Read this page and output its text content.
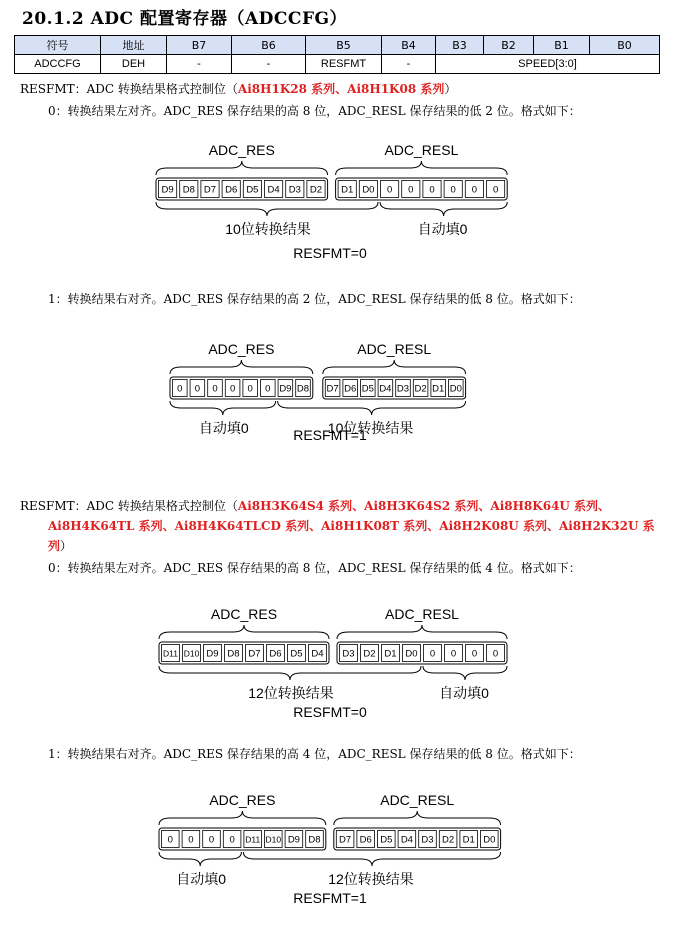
20.1.2 ADC 配置寄存器（ADCCFG）
符号	地址	B7	B6	B5	B4	B3	B2	B1	B0
ADCCFG	DEH	-	-	RESFMT	-	SPEED[3:0]			
RESFMT：ADC 转换结果格式控制位（Ai8H1K28 系列、Ai8H1K08 系列）
0：转换结果左对齐。ADC_RES 保存结果的高 8 位，ADC_RESL 保存结果的低 2 位。格式如下：
ADC_RES	ADC_RESL
D9 D8 D7 D6 D5 D4 D3 D2 D1 D0 0 0 0 0 0 0
10位转换结果	自动填0
RESFMT=0
1：转换结果右对齐。ADC_RES 保存结果的高 2 位，ADC_RESL 保存结果的低 8 位。格式如下：
ADC_RES	ADC_RESL
0 0 0 0 0 0 D9 D8 D7 D6 D5 D4 D3 D2 D1 D0
自动填0	10位转换结果
RESFMT=1
RESFMT：ADC 转换结果格式控制位（Ai8H3K64S4 系列、Ai8H3K64S2 系列、Ai8H8K64U 系列、
Ai8H4K64TL 系列、Ai8H4K64TLCD 系列、Ai8H1K08T 系列、Ai8H2K08U 系列、Ai8H2K32U 系
列）
0：转换结果左对齐。ADC_RES 保存结果的高 8 位，ADC_RESL 保存结果的低 4 位。格式如下：
ADC_RES	ADC_RESL
D11 D10 D9 D8 D7 D6 D5 D4 D3 D2 D1 D0 0 0 0 0
12位转换结果	自动填0
RESFMT=0
1：转换结果右对齐。ADC_RES 保存结果的高 4 位，ADC_RESL 保存结果的低 8 位。格式如下：
ADC_RES	ADC_RESL
0 0 0 0 D11 D10 D9 D8 D7 D6 D5 D4 D3 D2 D1 D0
自动填0	12位转换结果
RESFMT=1
